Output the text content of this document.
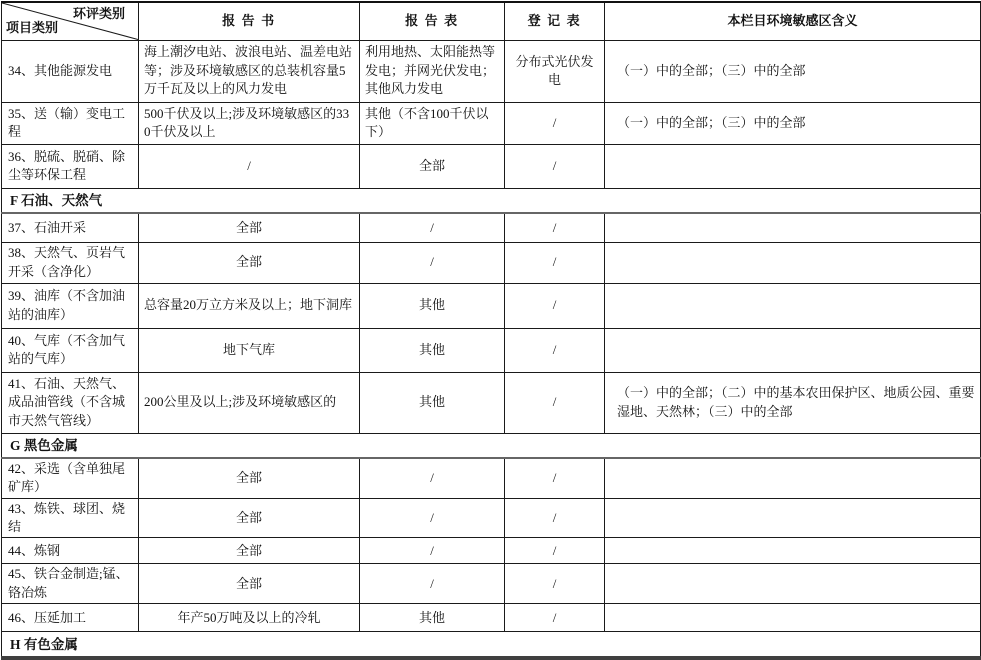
环评类别
项目类别	报告书	报告表	登记表	本栏目环境敏感区含义
34、其他能源发电	海上潮汐电站、波浪电站、温差电站等；涉及环境敏感区的总装机容量5万千瓦及以上的风力发电	利用地热、太阳能热等发电；并网光伏发电；其他风力发电	分布式光伏发电	（一）中的全部；（三）中的全部
35、送（输）变电工程	500千伏及以上;涉及环境敏感区的330千伏及以上	其他（不含100千伏以下）	/	（一）中的全部；（三）中的全部
36、脱硫、脱硝、除尘等环保工程	/	全部	/	
F 石油、天然气				
37、石油开采	全部	/	/	
38、天然气、页岩气开采（含净化）	全部	/	/	
39、油库（不含加油站的油库）	总容量20万立方米及以上；地下洞库	其他	/	
40、气库（不含加气站的气库）	地下气库	其他	/	
41、石油、天然气、成品油管线（不含城市天然气管线）	200公里及以上;涉及环境敏感区的	其他	/	（一）中的全部；（二）中的基本农田保护区、地质公园、重要湿地、天然林；（三）中的全部
G 黑色金属				
42、采选（含单独尾矿库）	全部	/	/	
43、炼铁、球团、烧结	全部	/	/	
44、炼钢	全部	/	/	
45、铁合金制造;锰、铬冶炼	全部	/	/	
46、压延加工	年产50万吨及以上的冷轧	其他	/	
H 有色金属				
